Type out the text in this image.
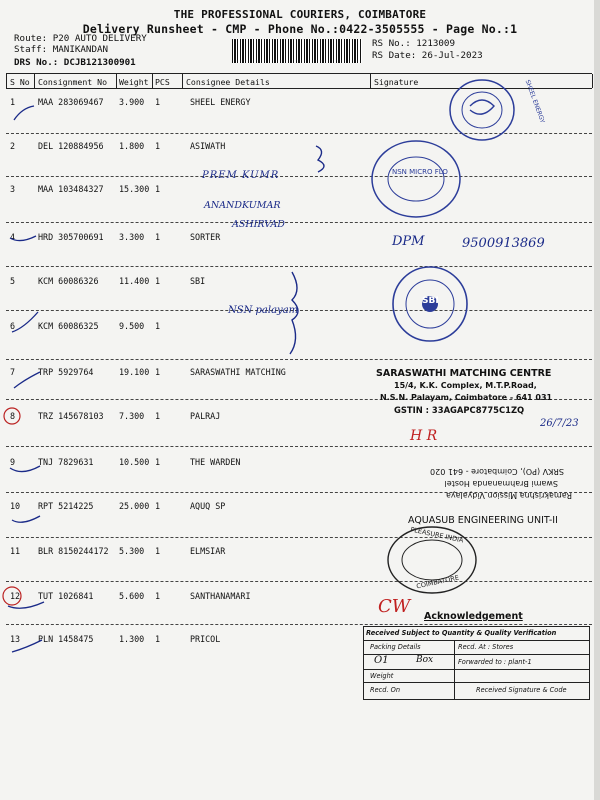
THE PROFESSIONAL COURIERS, COIMBATORE
Delivery Runsheet - CMP - Phone No.:0422-3505555 - Page No.:1
Route: P20 AUTO DELIVERY
Staff: MANIKANDAN
DRS No.: DCJB121300901
RS No.: 1213009
RS Date: 26-Jul-2023
S No Consignment No Weight PCS Consignee Details	Signature
1	MAA 283069467 3.900 1	SHEEL ENERGY
2	DEL 120884956 1.800 1	ASIWATH
3	MAA 103484327 15.300 1
4	HRD 305700691 3.300 1	SORTER
5	KCM 60086326 11.400 1	SBI
6	KCM 60086325 9.500 1
7	TRP 5929764	19.100 1	SARASWATHI MATCHING
8	TRZ 145678103 7.300 1	PALRAJ
9	TNJ 7829631	10.500 1	THE WARDEN
10 RPT 5214225	25.000 1	AQUQ SP
11 BLR 8150244172 5.300 1	ELMSIAR
12 TUT 1026841	5.600 1	SANTHANAMARI
13 PLN 1458475	1.300 1	PRICOL
PREM KUMR
ANANDKUMAR
ASHIRVAD
DPM	9500913869
NSN palayam
H R
CW
26/7/23
SHEEL ENERGY
NSN MICRO FLO
SBI
SARASWATHI MATCHING CENTRE
15/4, K.K. Complex, M.T.P.Road,
N.S.N. Palayam, Coimbatore - 641 031
GSTIN : 33AGAPC8775C1ZQ
Ramakrishna Mission Vidyalaya
Swami Brahmananda Hostel
SRKV (PO), Coimbatore - 641 020
AQUASUB ENGINEERING UNIT-II
PLEASURE INDIA
COIMBATORE
Acknowledgement
Received Subject to Quantity & Quality Verification
Packing Details	Recd. At : Stores
O1	Box	Forwarded to : plant-1
Weight
Recd. On	Received Signature & Code
